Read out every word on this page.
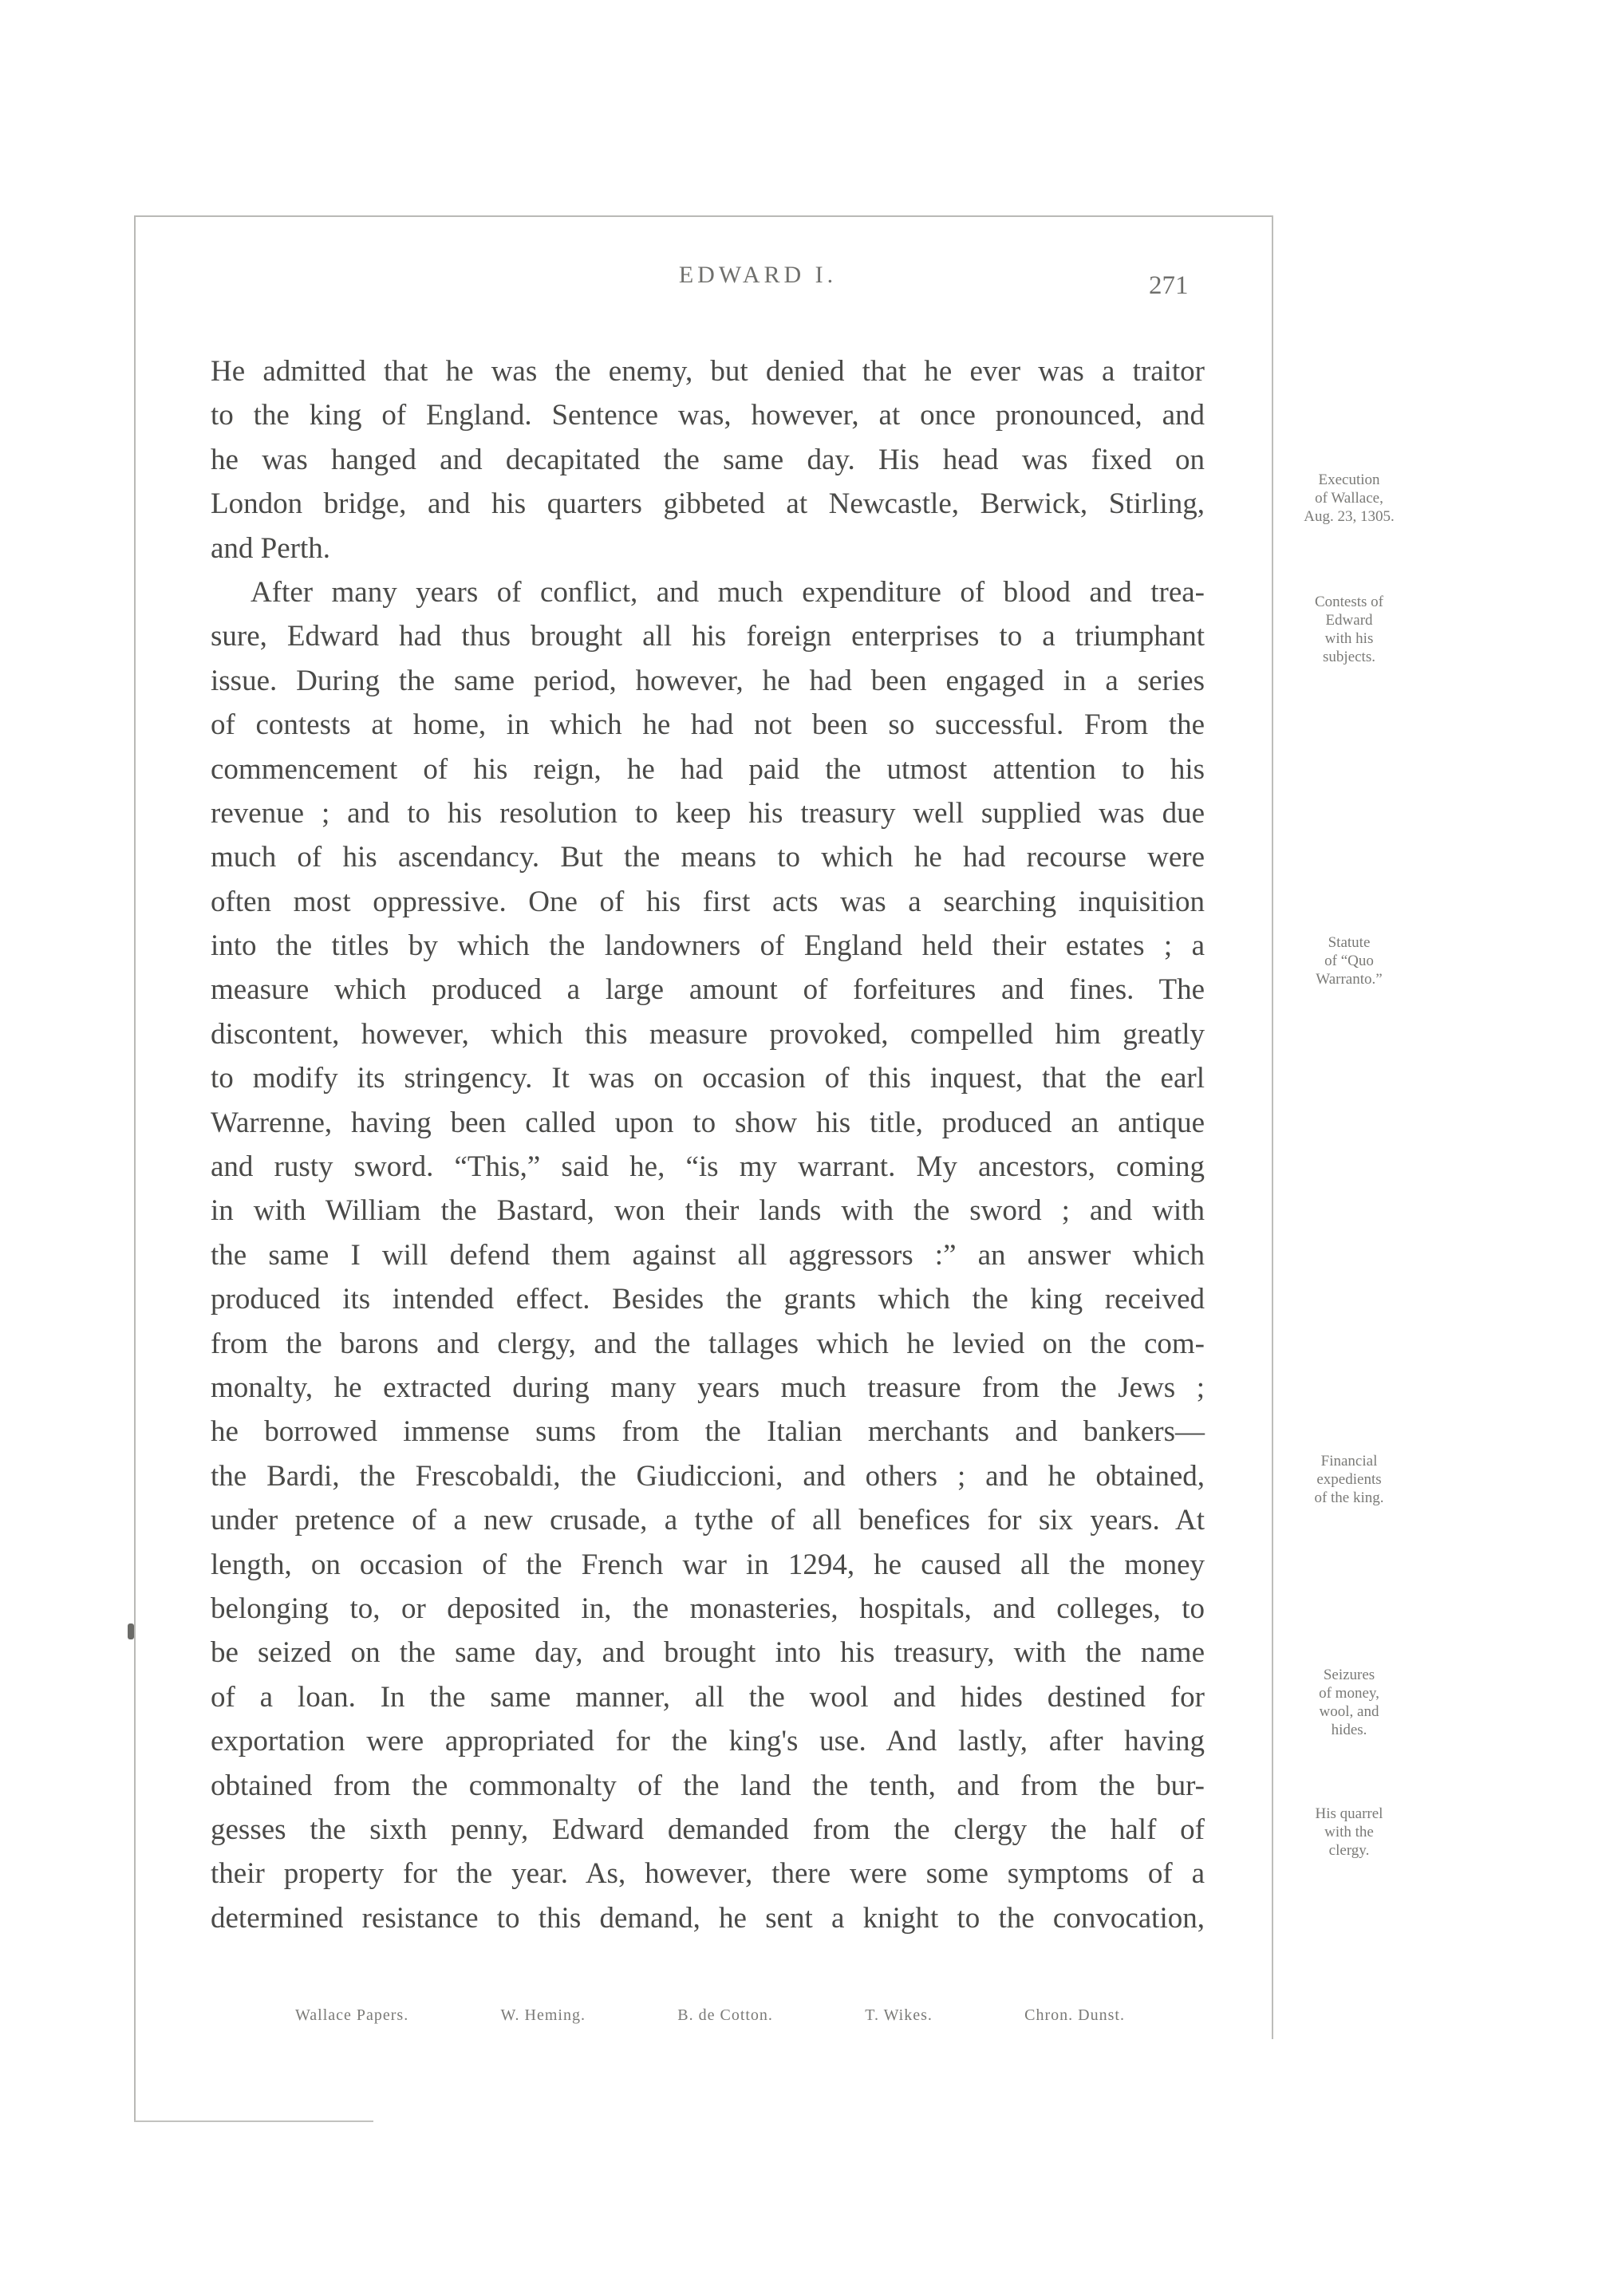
EDWARD I.	271
He admitted that he was the enemy, but denied that he ever was a traitor
to the king of England. Sentence was, however, at once pronounced, and
he was hanged and decapitated the same day. His head was fixed on
London bridge, and his quarters gibbeted at Newcastle, Berwick, Stirling,
and Perth.
After many years of conflict, and much expenditure of blood and trea-
sure, Edward had thus brought all his foreign enterprises to a triumphant
issue. During the same period, however, he had been engaged in a series
of contests at home, in which he had not been so successful. From the
commencement of his reign, he had paid the utmost attention to his
revenue ; and to his resolution to keep his treasury well supplied was due
much of his ascendancy. But the means to which he had recourse were
often most oppressive. One of his first acts was a searching inquisition
into the titles by which the landowners of England held their estates ; a
measure which produced a large amount of forfeitures and fines. The
discontent, however, which this measure provoked, compelled him greatly
to modify its stringency. It was on occasion of this inquest, that the earl
Warrenne, having been called upon to show his title, produced an antique
and rusty sword. “This,” said he, “is my warrant. My ancestors, coming
in with William the Bastard, won their lands with the sword ; and with
the same I will defend them against all aggressors :” an answer which
produced its intended effect. Besides the grants which the king received
from the barons and clergy, and the tallages which he levied on the com-
monalty, he extracted during many years much treasure from the Jews ;
he borrowed immense sums from the Italian merchants and bankers—
the Bardi, the Frescobaldi, the Giudiccioni, and others ; and he obtained,
under pretence of a new crusade, a tythe of all benefices for six years. At
length, on occasion of the French war in 1294, he caused all the money
belonging to, or deposited in, the monasteries, hospitals, and colleges, to
be seized on the same day, and brought into his treasury, with the name
of a loan. In the same manner, all the wool and hides destined for
exportation were appropriated for the king's use. And lastly, after having
obtained from the commonalty of the land the tenth, and from the bur-
gesses the sixth penny, Edward demanded from the clergy the half of
their property for the year. As, however, there were some symptoms of a
determined resistance to this demand, he sent a knight to the convocation,
Execution
of Wallace,
Aug. 23, 1305.
Contests of
Edward
with his
subjects.
Statute
of “Quo
Warranto.”
Financial
expedients
of the king.
Seizures
of money,
wool, and
hides.
His quarrel
with the
clergy.
Wallace Papers.	W. Heming.	B. de Cotton.	T. Wikes.	Chron. Dunst.
